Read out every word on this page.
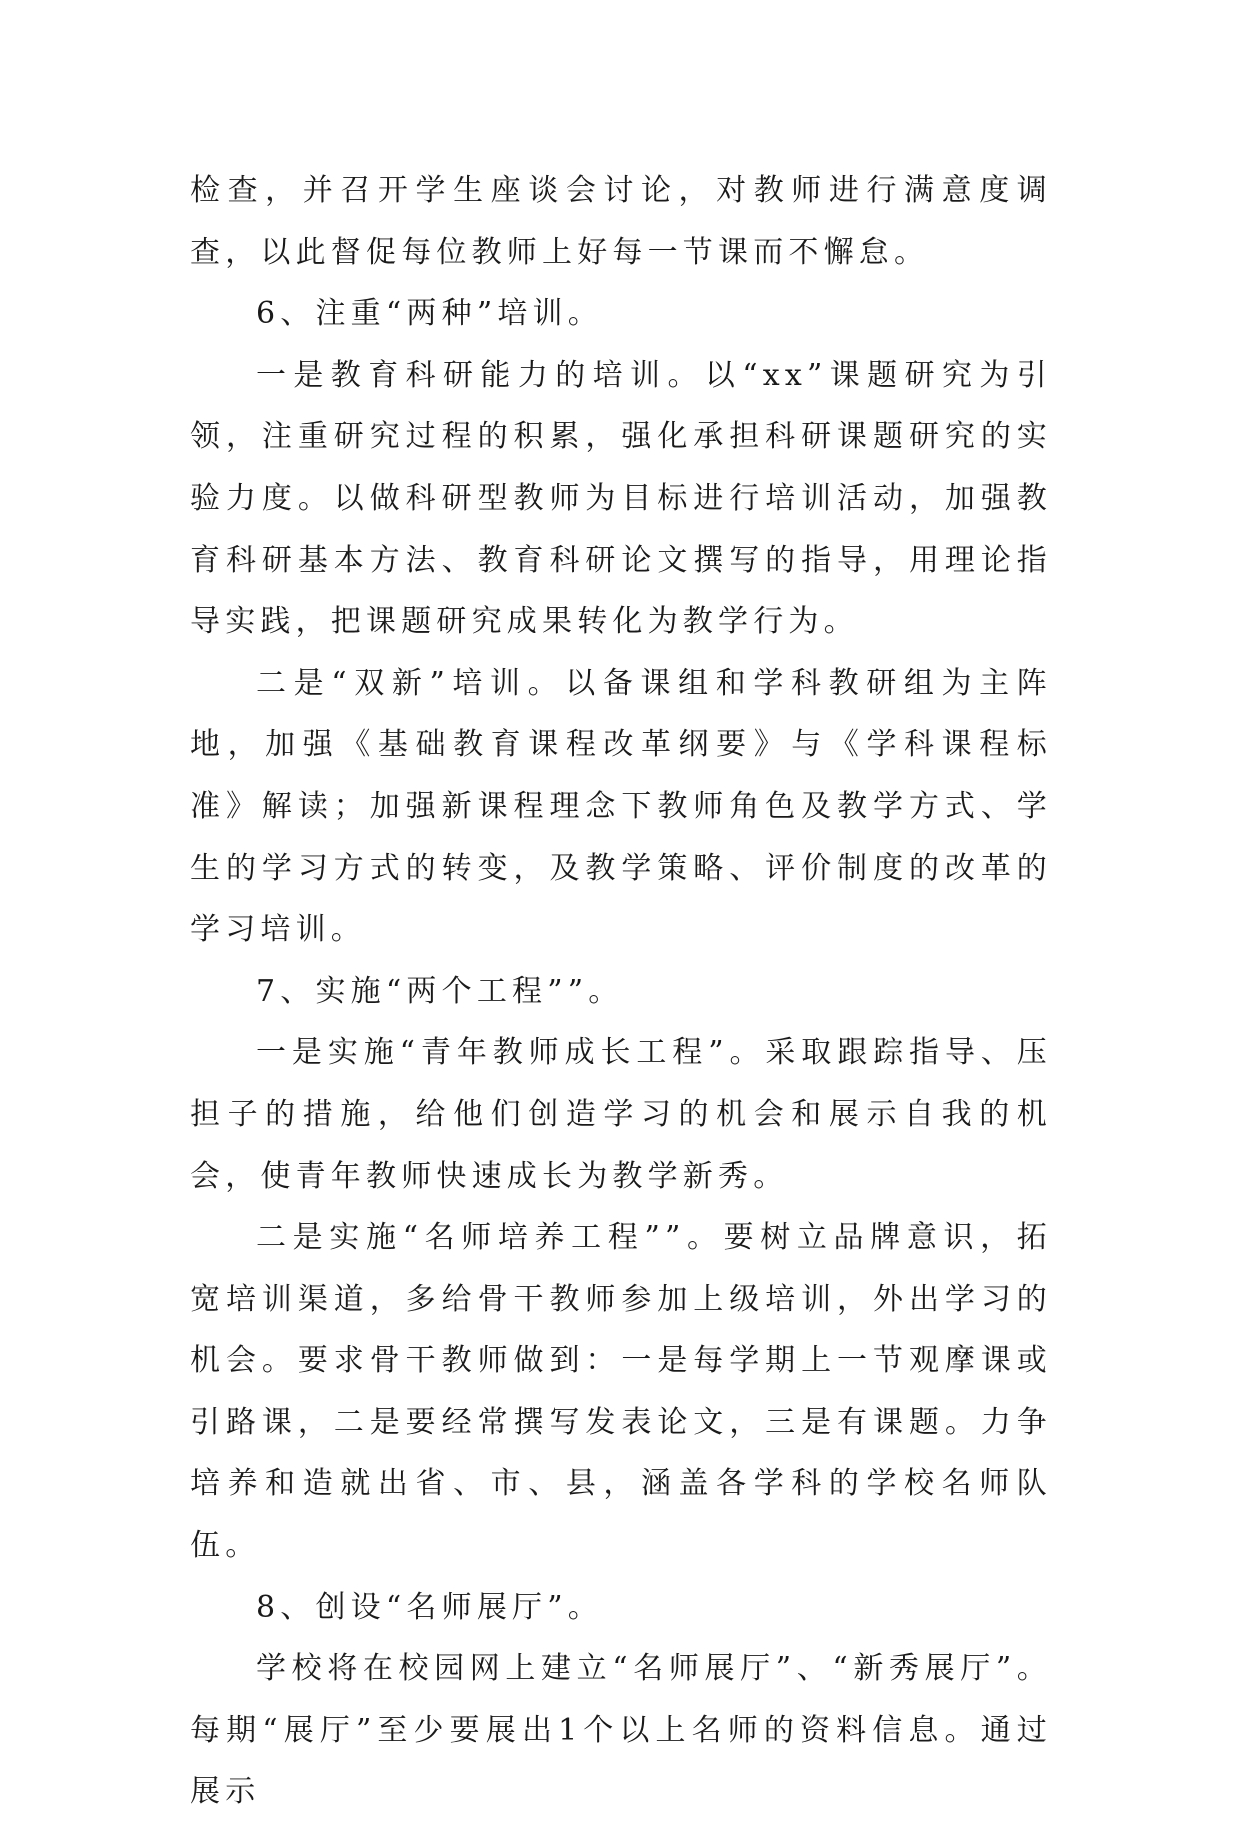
检查，并召开学生座谈会讨论，对教师进行满意度调查，以此督促每位教师上好每一节课而不懈怠。

6、注重“两种”培训。

一是教育科研能力的培训。以“xx”课题研究为引领，注重研究过程的积累，强化承担科研课题研究的实验力度。以做科研型教师为目标进行培训活动，加强教育科研基本方法、教育科研论文撰写的指导，用理论指导实践，把课题研究成果转化为教学行为。

二是“双新”培训。以备课组和学科教研组为主阵地，加强《基础教育课程改革纲要》与《学科课程标准》解读；加强新课程理念下教师角色及教学方式、学生的学习方式的转变，及教学策略、评价制度的改革的学习培训。

7、实施“两个工程””。

一是实施“青年教师成长工程”。采取跟踪指导、压担子的措施，给他们创造学习的机会和展示自我的机会，使青年教师快速成长为教学新秀。

二是实施“名师培养工程””。要树立品牌意识，拓宽培训渠道，多给骨干教师参加上级培训，外出学习的机会。要求骨干教师做到：一是每学期上一节观摩课或引路课，二是要经常撰写发表论文，三是有课题。力争培养和造就出省、市、县，涵盖各学科的学校名师队伍。

8、创设“名师展厅”。

学校将在校园网上建立“名师展厅”、“新秀展厅”。每期“展厅”至少要展出1个以上名师的资料信息。通过展示
